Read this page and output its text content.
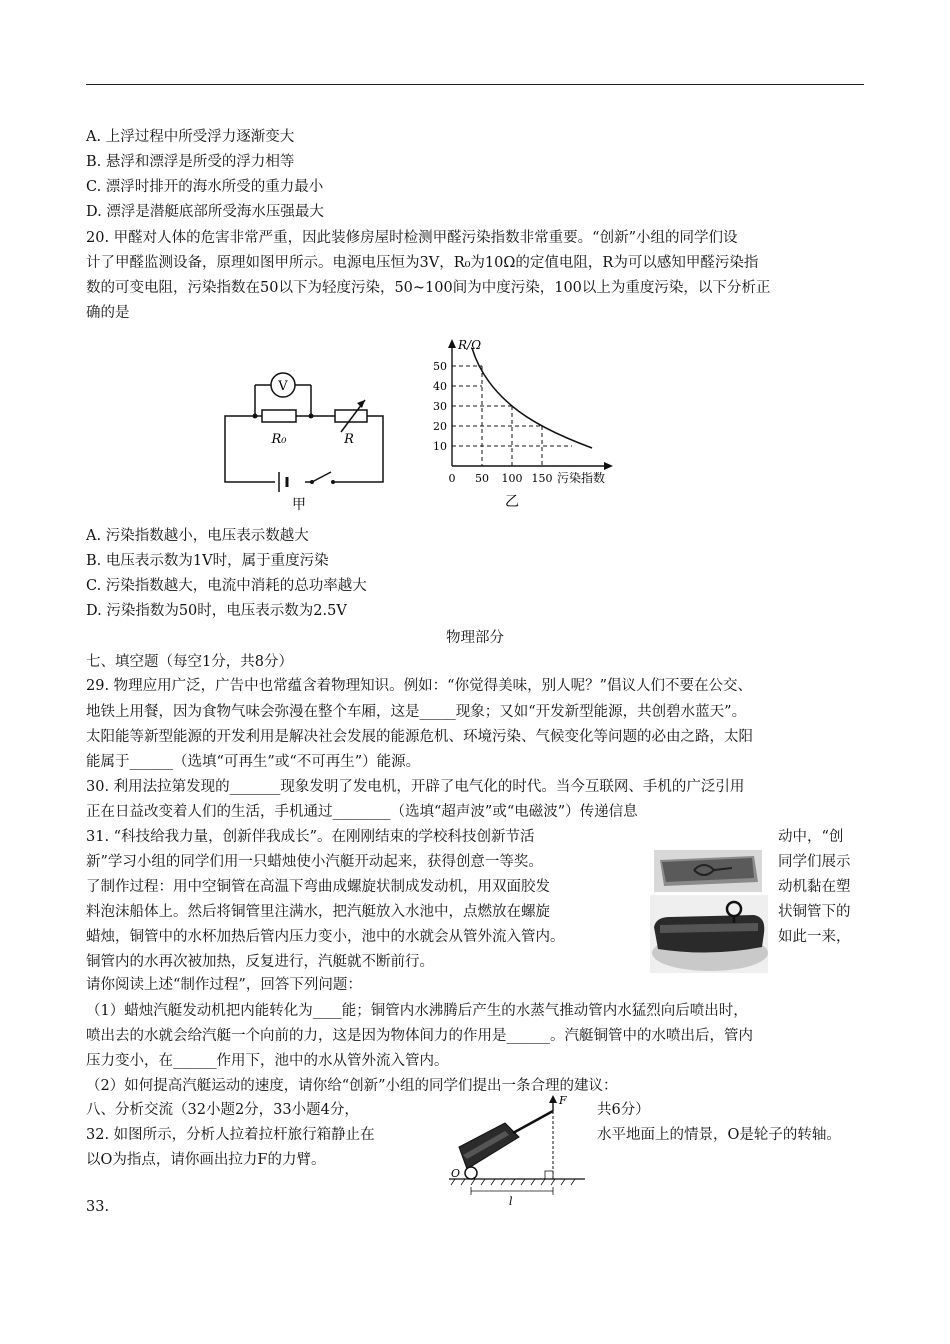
A. 上浮过程中所受浮力逐渐变大
B. 悬浮和漂浮是所受的浮力相等
C. 漂浮时排开的海水所受的重力最小
D. 漂浮是潜艇底部所受海水压强最大
20. 甲醛对人体的危害非常严重，因此装修房屋时检测甲醛污染指数非常重要。“创新”小组的同学们设
计了甲醛监测设备，原理如图甲所示。电源电压恒为3V，R₀为10Ω的定值电阻，R为可以感知甲醛污染指
数的可变电阻，污染指数在50以下为轻度污染，50~100间为中度污染，100以上为重度污染，以下分析正
确的是
V
R₀	R
甲
10
20
30
40
50
0 50 100 150 污染指数
R/Ω
乙
A. 污染指数越小，电压表示数越大
B. 电压表示数为1V时，属于重度污染
C. 污染指数越大，电流中消耗的总功率越大
D. 污染指数为50时，电压表示数为2.5V
物理部分
七、填空题（每空1分，共8分）
29. 物理应用广泛，广告中也常蕴含着物理知识。例如：“你觉得美味，别人呢？”倡议人们不要在公交、
地铁上用餐，因为食物气味会弥漫在整个车厢，这是_____现象；又如“开发新型能源，共创碧水蓝天”。
太阳能等新型能源的开发利用是解决社会发展的能源危机、环境污染、气候变化等问题的必由之路，太阳
能属于______（选填“可再生”或“不可再生”）能源。
30. 利用法拉第发现的_______现象发明了发电机，开辟了电气化的时代。当今互联网、手机的广泛引用
正在日益改变着人们的生活，手机通过________（选填“超声波”或“电磁波”）传递信息
31. “科技给我力量，创新伴我成长”。在刚刚结束的学校科技创新节活
新”学习小组的同学们用一只蜡烛使小汽艇开动起来，获得创意一等奖。
了制作过程：用中空铜管在高温下弯曲成螺旋状制成发动机，用双面胶发
料泡沫船体上。然后将铜管里注满水，把汽艇放入水池中，点燃放在螺旋
蜡烛，铜管中的水杯加热后管内压力变小，池中的水就会从管外流入管内。
动中，“创
同学们展示
动机黏在塑
状铜管下的
如此一来，
铜管内的水再次被加热，反复进行，汽艇就不断前行。
请你阅读上述“制作过程”，回答下列问题：
（1）蜡烛汽艇发动机把内能转化为____能；铜管内水沸腾后产生的水蒸气推动管内水猛烈向后喷出时，
喷出去的水就会给汽艇一个向前的力，这是因为物体间力的作用是______。汽艇铜管中的水喷出后，管内
压力变小，在______作用下，池中的水从管外流入管内。
（2）如何提高汽艇运动的速度，请你给“创新”小组的同学们提出一条合理的建议：
八、分析交流（32小题2分，33小题4分，	共6分）
32. 如图所示，分析人拉着拉杆旅行箱静止在
以O为指点，请你画出拉力F的力臂。
水平地面上的情景，O是轮子的转轴。
F
O
l
33.
